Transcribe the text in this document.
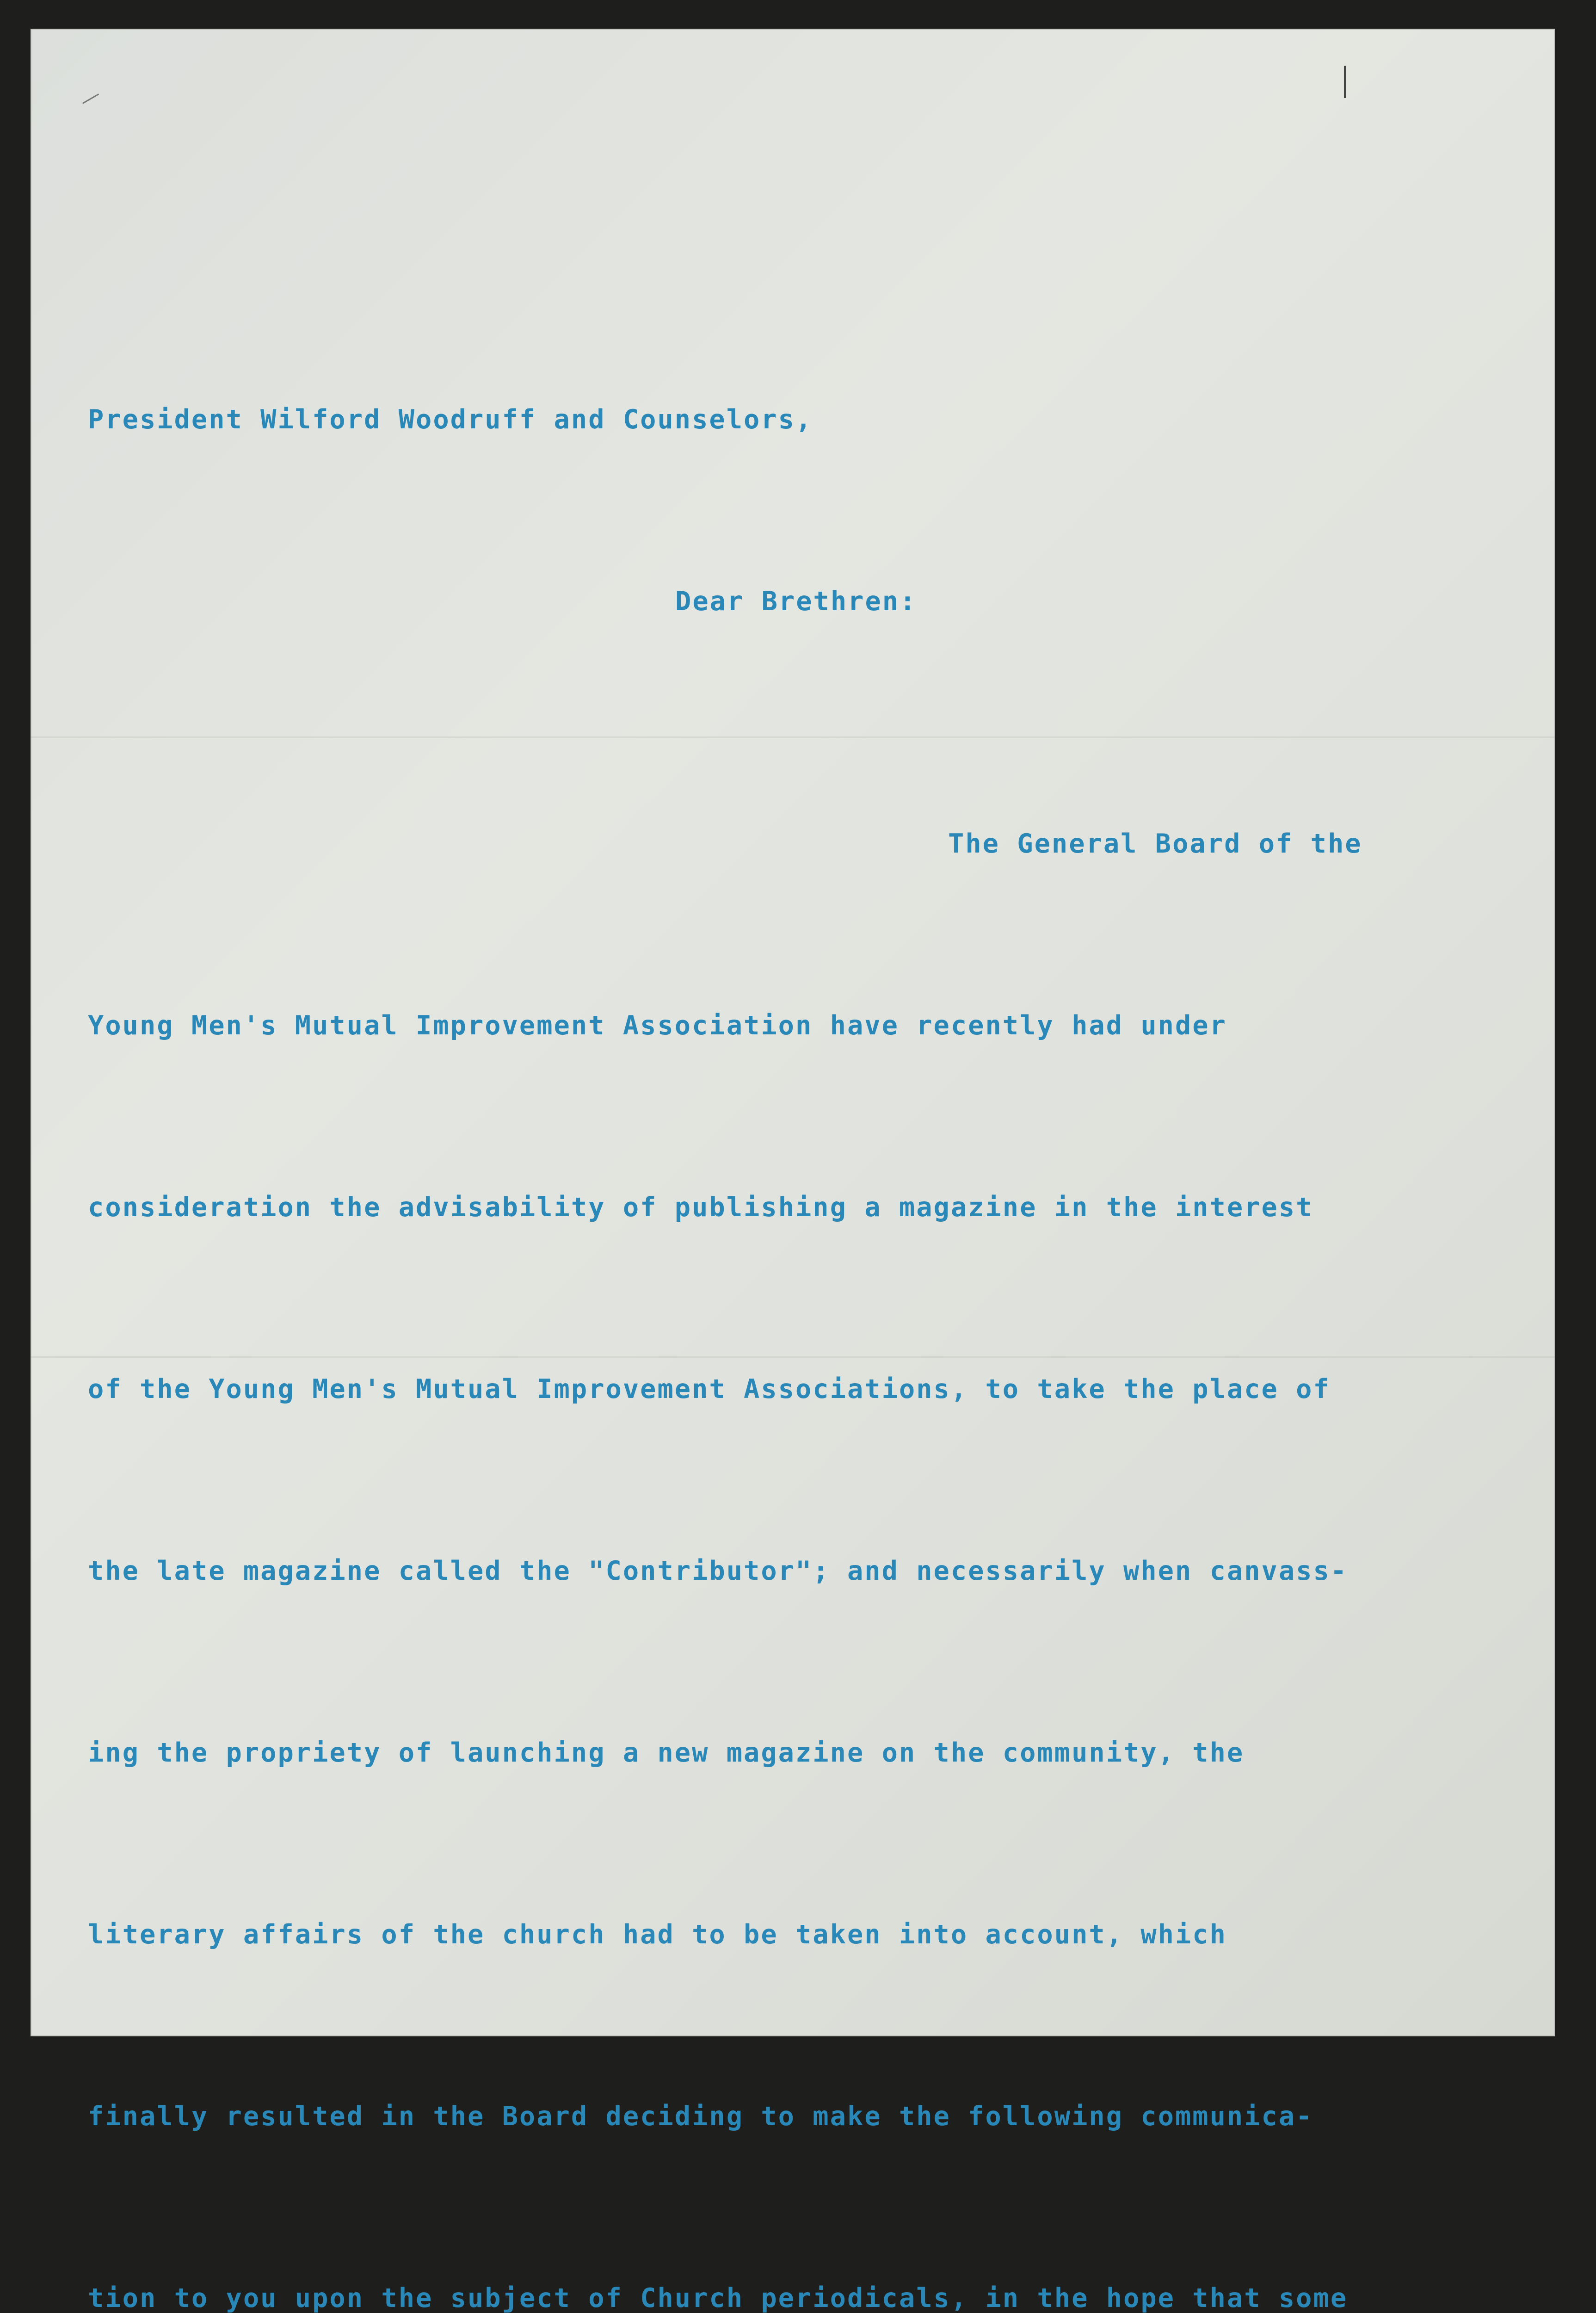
President Wilford Woodruff and Counselors,

Dear Brethren:

The General Board of the

Young Men's Mutual Improvement Association have recently had under

consideration the advisability of publishing a magazine in the interest

of the Young Men's Mutual Improvement Associations, to take the place of

the late magazine called the "Contributor"; and necessarily when canvass-

ing the propriety of launching a new magazine on the community, the

literary affairs of the church had to be taken into account, which

finally resulted in the Board deciding to make the following communica-

tion to you upon the subject of Church periodicals, in the hope that some
